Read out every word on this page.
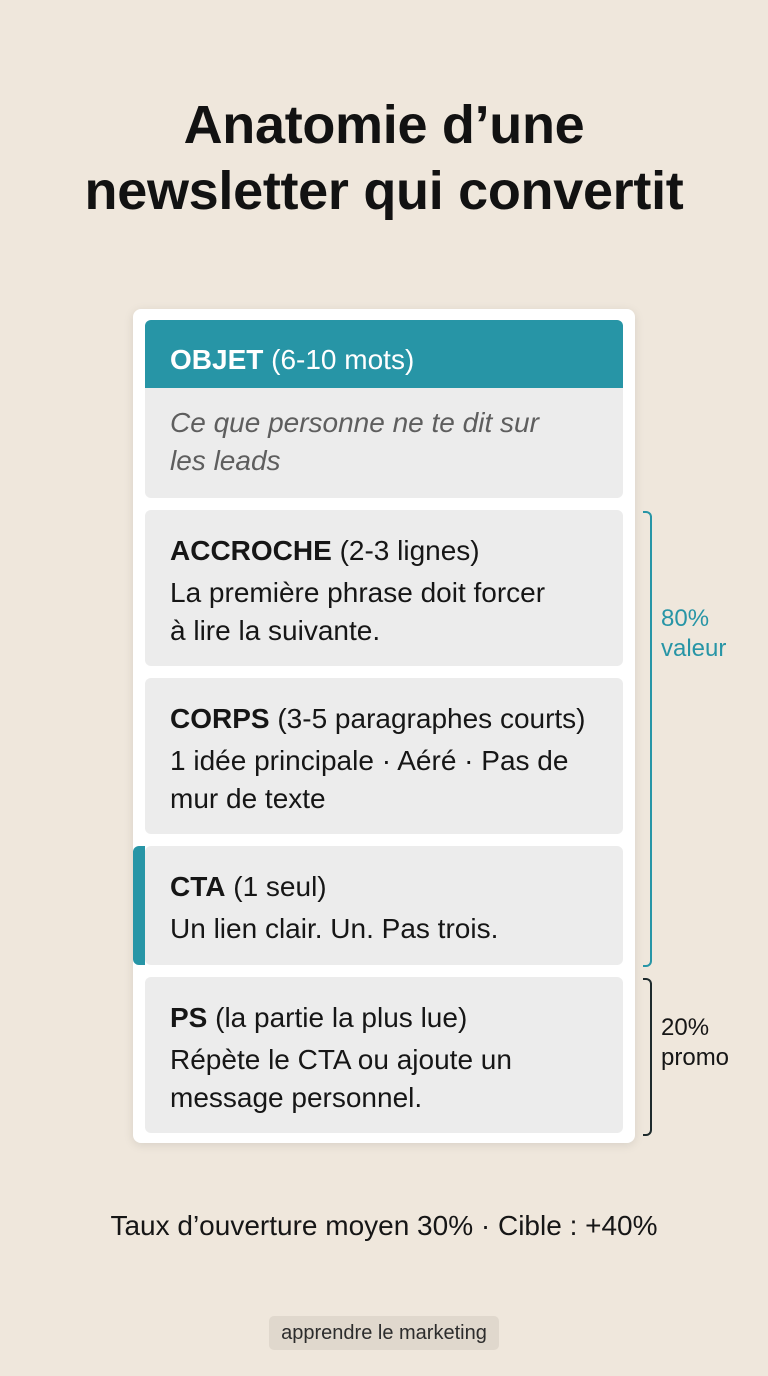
Anatomie d’une
newsletter qui convertit
OBJET (6-10 mots)
Ce que personne ne te dit sur
les leads
ACCROCHE (2-3 lignes)
La première phrase doit forcer
à lire la suivante.
CORPS (3-5 paragraphes courts)
1 idée principale · Aéré · Pas de
mur de texte
CTA (1 seul)
Un lien clair. Un. Pas trois.
PS (la partie la plus lue)
Répète le CTA ou ajoute un
message personnel.
80%
valeur
20%
promo
Taux d’ouverture moyen 30% · Cible : +40%
apprendre le marketing
